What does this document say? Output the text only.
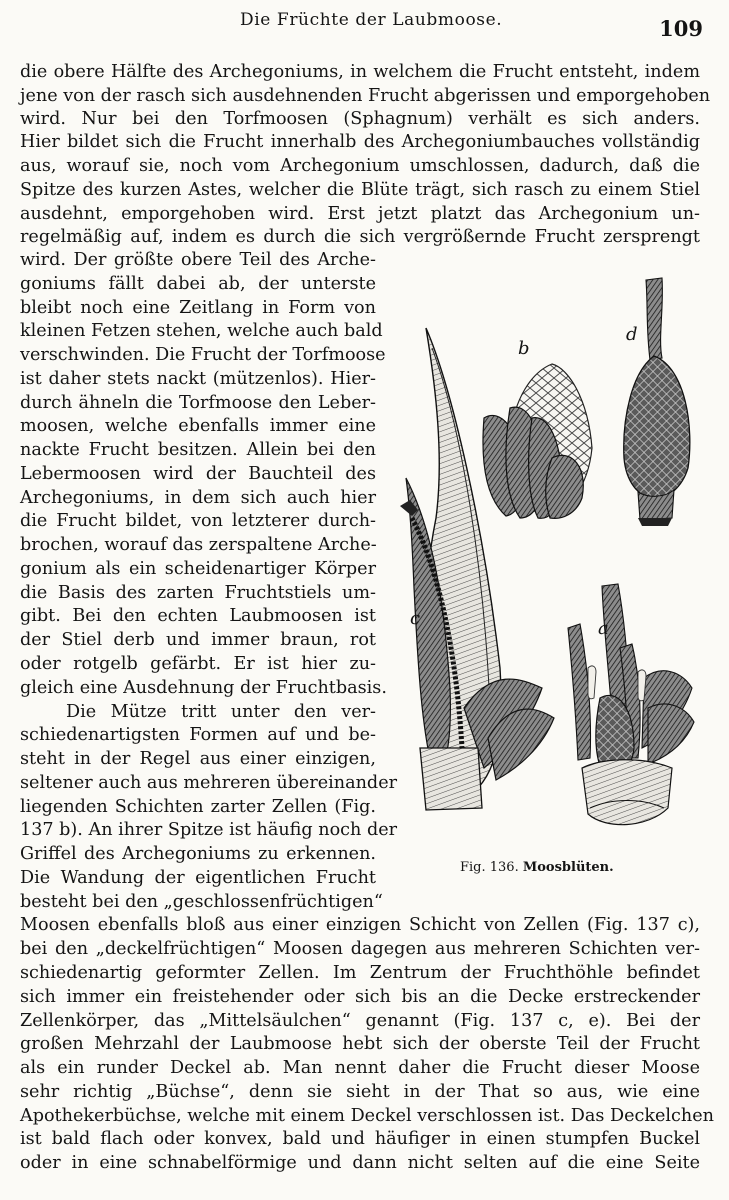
Die Früchte der Laubmoose.	109
die obere Hälfte des Archegoniums, in welchem die Frucht entsteht, indem
jene von der rasch sich ausdehnenden Frucht abgerissen und emporgehoben
wird. Nur bei den Torfmoosen (Sphagnum) verhält es sich anders.
Hier bildet sich die Frucht innerhalb des Archegoniumbauches vollständig
aus, worauf sie, noch vom Archegonium umschlossen, dadurch, daß die
Spitze des kurzen Astes, welcher die Blüte trägt, sich rasch zu einem Stiel
ausdehnt, emporgehoben wird. Erst jetzt platzt das Archegonium un-
regelmäßig auf, indem es durch die sich vergrößernde Frucht zersprengt
wird. Der größte obere Teil des Arche-
goniums fällt dabei ab, der unterste
bleibt noch eine Zeitlang in Form von
kleinen Fetzen stehen, welche auch bald
verschwinden. Die Frucht der Torfmoose
ist daher stets nackt (mützenlos). Hier-
durch ähneln die Torfmoose den Leber-
moosen, welche ebenfalls immer eine
nackte Frucht besitzen. Allein bei den
Lebermoosen wird der Bauchteil des
Archegoniums, in dem sich auch hier
die Frucht bildet, von letzterer durch-
brochen, worauf das zerspaltene Arche-
gonium als ein scheidenartiger Körper
die Basis des zarten Fruchtstiels um-
gibt. Bei den echten Laubmoosen ist
der Stiel derb und immer braun, rot
oder rotgelb gefärbt. Er ist hier zu-
gleich eine Ausdehnung der Fruchtbasis.
Die Mütze tritt unter den ver-
schiedenartigsten Formen auf und be-
steht in der Regel aus einer einzigen,
seltener auch aus mehreren übereinander
liegenden Schichten zarter Zellen (Fig.
137 b). An ihrer Spitze ist häufig noch der
Griffel des Archegoniums zu erkennen.
Die Wandung der eigentlichen Frucht
besteht bei den „geschlossenfrüchtigen“
Moosen ebenfalls bloß aus einer einzigen Schicht von Zellen (Fig. 137 c),
bei den „deckelfrüchtigen“ Moosen dagegen aus mehreren Schichten ver-
schiedenartig geformter Zellen. Im Zentrum der Fruchthöhle befindet
sich immer ein freistehender oder sich bis an die Decke erstreckender
Zellenkörper, das „Mittelsäulchen“ genannt (Fig. 137 c, e). Bei der
großen Mehrzahl der Laubmoose hebt sich der oberste Teil der Frucht
als ein runder Deckel ab. Man nennt daher die Frucht dieser Moose
sehr richtig „Büchse“, denn sie sieht in der That so aus, wie eine
Apothekerbüchse, welche mit einem Deckel verschlossen ist. Das Deckelchen
ist bald flach oder konvex, bald und häufiger in einen stumpfen Buckel
oder in eine schnabelförmige und dann nicht selten auf die eine Seite
b
d
c	a
Fig. 136. Moosblüten.
